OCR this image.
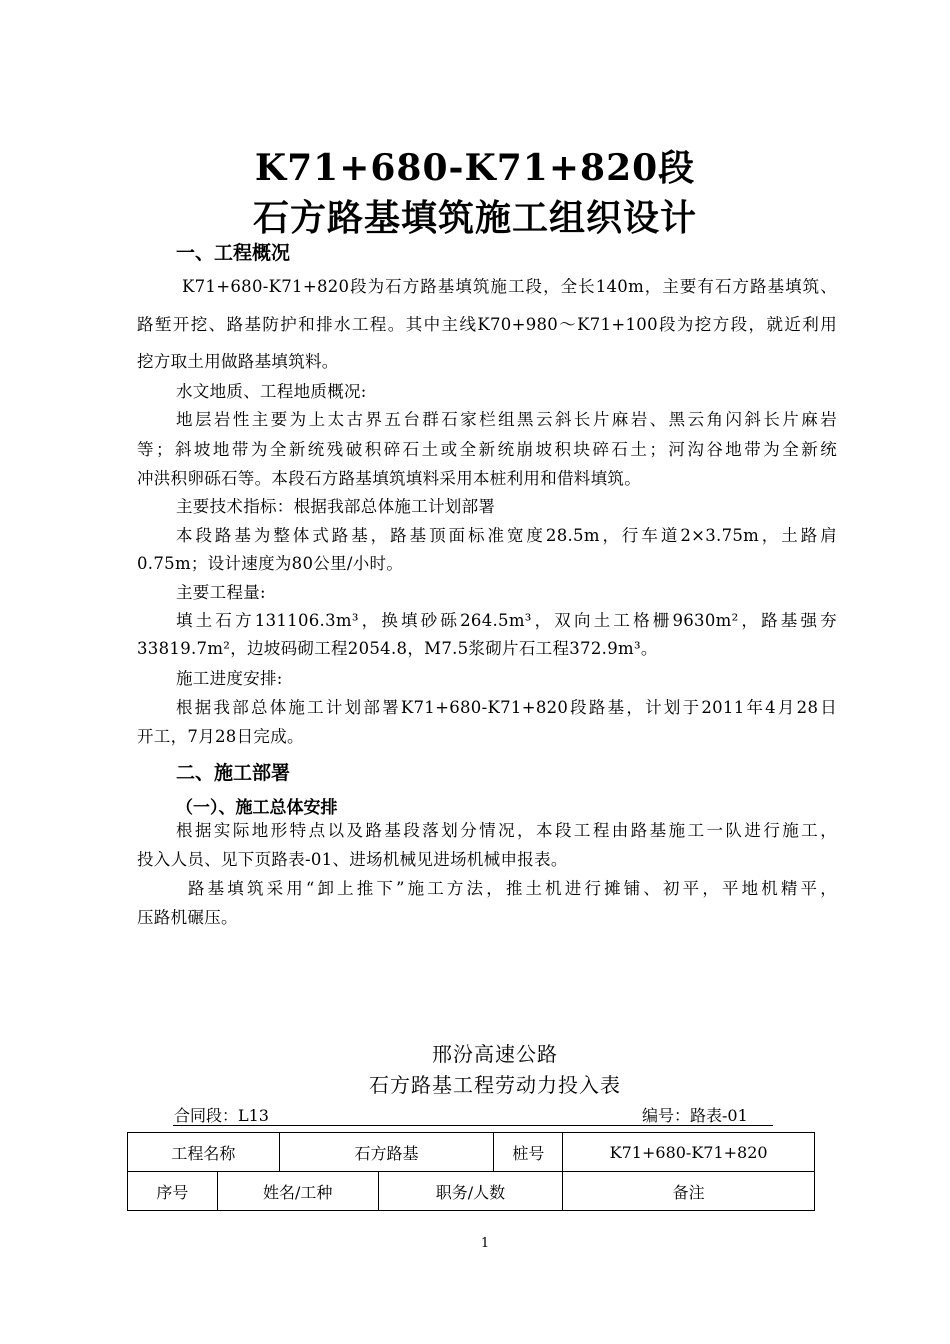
K71+680-K71+820段
石方路基填筑施工组织设计
一、工程概况
K71+680-K71+820段为石方路基填筑施工段，全长140m，主要有石方路基填筑、
路堑开挖、路基防护和排水工程。其中主线K70+980～K71+100段为挖方段，就近利用
挖方取土用做路基填筑料。
水文地质、工程地质概况:
地层岩性主要为上太古界五台群石家栏组黑云斜长片麻岩、黑云角闪斜长片麻岩
等；斜坡地带为全新统残破积碎石土或全新统崩坡积块碎石土；河沟谷地带为全新统
冲洪积卵砾石等。本段石方路基填筑填料采用本桩利用和借料填筑。
主要技术指标：根据我部总体施工计划部署
本段路基为整体式路基，路基顶面标准宽度28.5m，行车道2×3.75m，土路肩
0.75m；设计速度为80公里/小时。
主要工程量:
填土石方131106.3m³，换填砂砾264.5m³，双向土工格栅9630m²，路基强夯
33819.7m²，边坡码砌工程2054.8，M7.5浆砌片石工程372.9m³。
施工进度安排:
根据我部总体施工计划部署K71+680-K71+820段路基，计划于2011年4月28日
开工，7月28日完成。
二、施工部署
（一）、施工总体安排
根据实际地形特点以及路基段落划分情况，本段工程由路基施工一队进行施工，
投入人员、见下页路表-01、进场机械见进场机械申报表。
路基填筑采用“卸上推下”施工方法，推土机进行摊铺、初平，平地机精平，
压路机碾压。
邢汾高速公路
石方路基工程劳动力投入表
合同段：L13	编号：路表-01
工程名称		石方路基		桩号	K71+680-K71+820
序号	姓名/工种		职务/人数		备注
1
